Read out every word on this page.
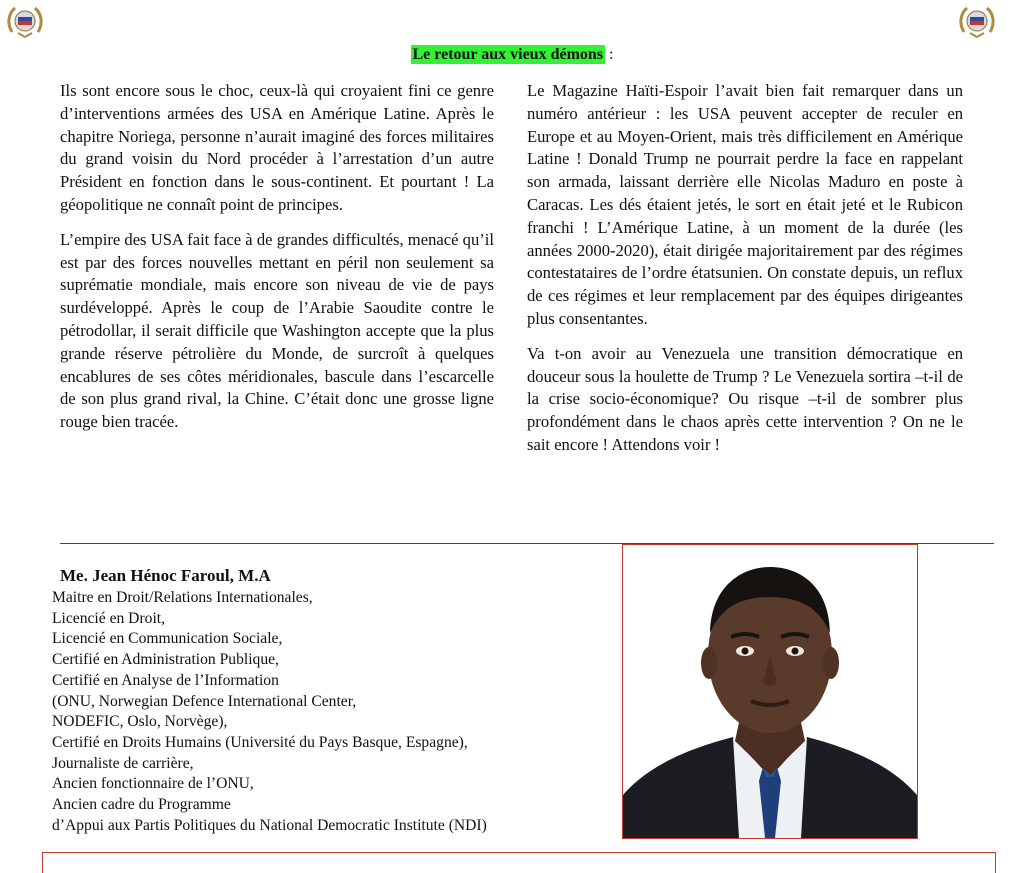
Le retour aux vieux démons :

Ils sont encore sous le choc, ceux-là qui croyaient fini ce genre d’interventions armées des USA en Amérique Latine. Après le chapitre Noriega, personne n’aurait imaginé des forces militaires du grand voisin du Nord procéder à l’arrestation d’un autre Président en fonction dans le sous-continent. Et pourtant ! La géopolitique ne connaît point de principes.

L’empire des USA fait face à de grandes difficultés, menacé qu’il est par des forces nouvelles mettant en péril non seulement sa suprématie mondiale, mais encore son niveau de vie de pays surdéveloppé. Après le coup de l’Arabie Saoudite contre le pétrodollar, il serait difficile que Washington accepte que la plus grande réserve pétrolière du Monde, de surcroît à quelques encablures de ses côtes méridionales, bascule dans l’escarcelle de son plus grand rival, la Chine. C’était donc une grosse ligne rouge bien tracée.

Le Magazine Haïti-Espoir l’avait bien fait remarquer dans un numéro antérieur : les USA peuvent accepter de reculer en Europe et au Moyen-Orient, mais très difficilement en Amérique Latine ! Donald Trump ne pourrait perdre la face en rappelant son armada, laissant derrière elle Nicolas Maduro en poste à Caracas. Les dés étaient jetés, le sort en était jeté et le Rubicon franchi ! L’Amérique Latine, à un moment de la durée (les années 2000-2020), était dirigée majoritairement par des régimes contestataires de l’ordre étatsunien. On constate depuis, un reflux de ces régimes et leur remplacement par des équipes dirigeantes plus consentantes.

Va t-on avoir au Venezuela une transition démocratique en douceur sous la houlette de Trump ? Le Venezuela sortira –t-il de la crise socio-économique? Ou risque –t-il de sombrer plus profondément dans le chaos après cette intervention ? On ne le sait encore ! Attendons voir !

Me. Jean Hénoc Faroul, M.A
Maitre en Droit/Relations Internationales,
Licencié en Droit,
Licencié en Communication Sociale,
Certifié en Administration Publique,
Certifié en Analyse de l’Information
(ONU, Norwegian Defence International Center,
NODEFIC, Oslo, Norvège),
Certifié en Droits Humains (Université du Pays Basque, Espagne),
Journaliste de carrière,
Ancien fonctionnaire de l’ONU,
Ancien cadre du Programme
d’Appui aux Partis Politiques du National Democratic Institute (NDI)
